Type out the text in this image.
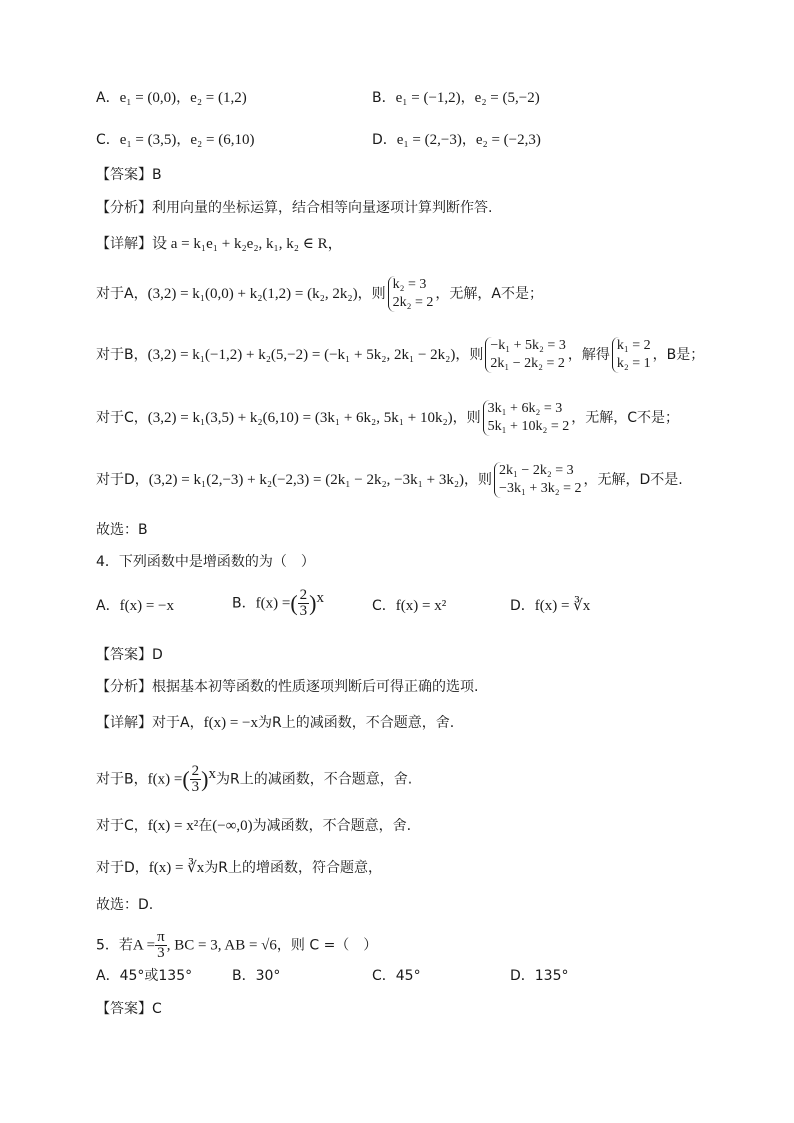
A．e₁ = (0,0)，e₂ = (1,2)	B．e₁ = (−1,2)，e₂ = (5,−2)
C．e₁ = (3,5)，e₂ = (6,10)	D．e₁ = (2,−3)，e₂ = (−2,3)
【答案】B
【分析】利用向量的坐标运算，结合相等向量逐项计算判断作答.
【详解】设 a = k₁e₁ + k₂e₂, k₁, k₂ ∈ R，
对于A，(3,2) = k₁(0,0) + k₂(1,2) = (k₂, 2k₂)，则
k₂ = 3
2k₂ = 2
，无解，A不是；
对于B，(3,2) = k₁(−1,2) + k₂(5,−2) = (−k₁ + 5k₂, 2k₁ − 2k₂)，则
−k₁ + 5k₂ = 3
2k₁ − 2k₂ = 2
，解得
k₁ = 2
k₂ = 1
，B是；
对于C，(3,2) = k₁(3,5) + k₂(6,10) = (3k₁ + 6k₂, 5k₁ + 10k₂)，则
3k₁ + 6k₂ = 3
5k₁ + 10k₂ = 2
，无解，C不是；
对于D，(3,2) = k₁(2,−3) + k₂(−2,3) = (2k₁ − 2k₂, −3k₁ + 3k₂)，则
2k₁ − 2k₂ = 3
−3k₁ + 3k₂ = 2
，无解，D不是.
故选：B
4．下列函数中是增函数的为（　）
A．f(x) = −x	B．f(x) =( $\frac{2}{3} )^x$	C．f(x) = x²	D．f(x) = ∛x
【答案】D
【分析】根据基本初等函数的性质逐项判断后可得正确的选项.
【详解】对于A，f(x) = −x为R上的减函数，不合题意，舍.
对于B，f(x) =( $\frac{2}{3} )^x$为R上的减函数，不合题意，舍.
对于C，f(x) = x²在(−∞,0)为减函数，不合题意，舍.
对于D，f(x) = ∛x为R上的增函数，符合题意，
故选：D.
5．若$A = \frac{\pi}{3}$ , BC = 3, AB = √6，则 C =（　）
A．45°或135°	B．30°	C．45°	D．135°
【答案】C
